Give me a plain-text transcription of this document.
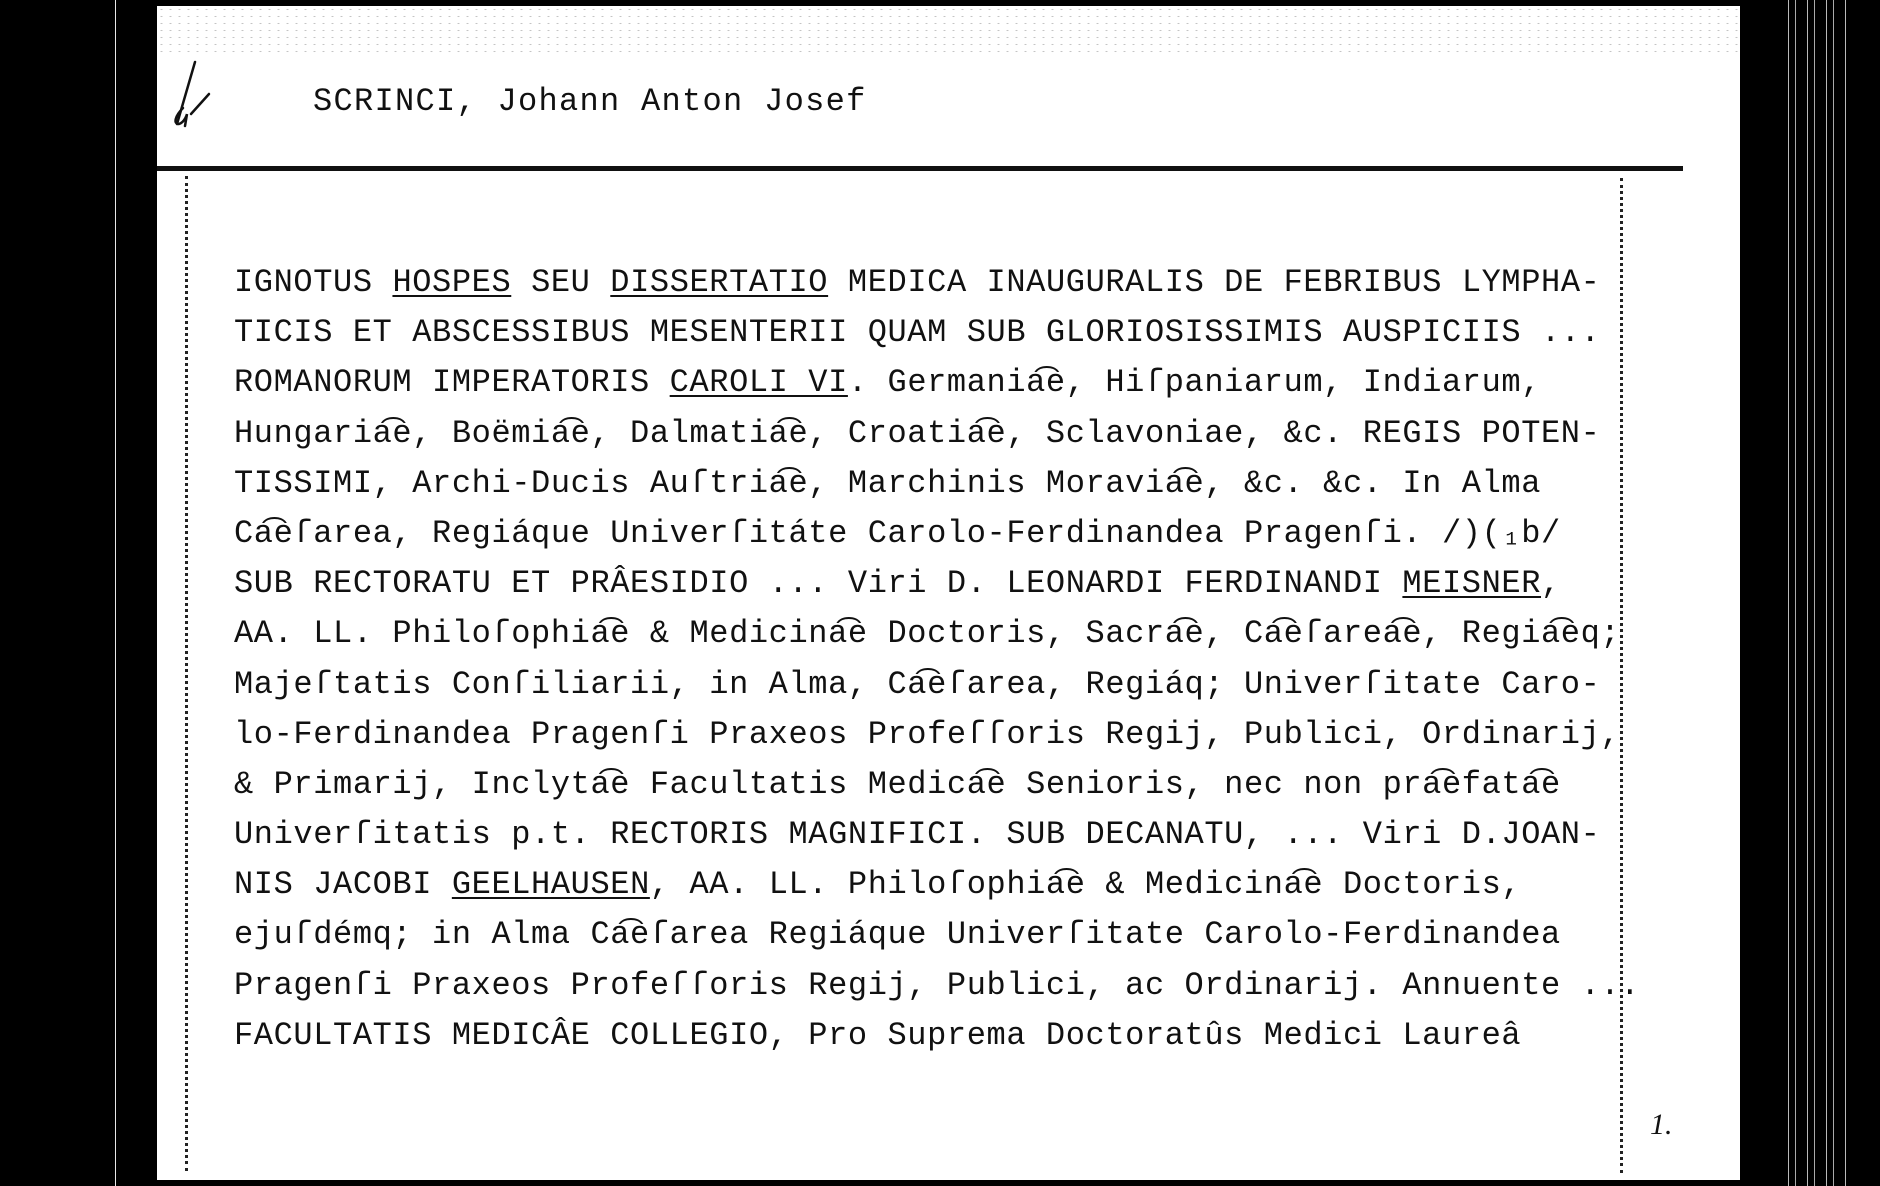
SCRINCI, Johann Anton Josef
IGNOTUS HOSPES SEU DISSERTATIO MEDICA INAUGURALIS DE FEBRIBUS LYMPHA-
TICIS ET ABSCESSIBUS MESENTERII QUAM SUB GLORIOSISSIMIS AUSPICIIS ...
ROMANORUM IMPERATORIS CAROLI VI. Germania͡e, Hiſpaniarum, Indiarum,
Hungaria͡e, Boëmia͡e, Dalmatia͡e, Croatia͡e, Sclavoniae, &c. REGIS POTEN-
TISSIMI, Archi-Ducis Auſtria͡e, Marchinis Moravia͡e, &c. &c. In Alma
Ca͡eſarea, Regiáque Univerſitáte Carolo-Ferdinandea Pragenſi. /)(₁b/
SUB RECTORATU ET PRÂESIDIO ... Viri D. LEONARDI FERDINANDI MEISNER,
AA. LL. Philoſophia͡e & Medicina͡e Doctoris, Sacra͡e, Ca͡eſarea͡e, Regia͡eq;
Majeſtatis Conſiliarii, in Alma, Ca͡eſarea, Regiáq; Univerſitate Caro-
lo-Ferdinandea Pragenſi Praxeos Profeſſoris Regij, Publici, Ordinarij,
& Primarij, Inclyta͡e Facultatis Medica͡e Senioris, nec non pra͡efata͡e
Univerſitatis p.t. RECTORIS MAGNIFICI. SUB DECANATU, ... Viri D.JOAN-
NIS JACOBI GEELHAUSEN, AA. LL. Philoſophia͡e & Medicina͡e Doctoris,
ejuſdémq; in Alma Ca͡eſarea Regiáque Univerſitate Carolo-Ferdinandea
Pragenſi Praxeos Profeſſoris Regij, Publici, ac Ordinarij. Annuente ...
FACULTATIS MEDICÂE COLLEGIO, Pro Suprema Doctoratûs Medici Laureâ
1.
